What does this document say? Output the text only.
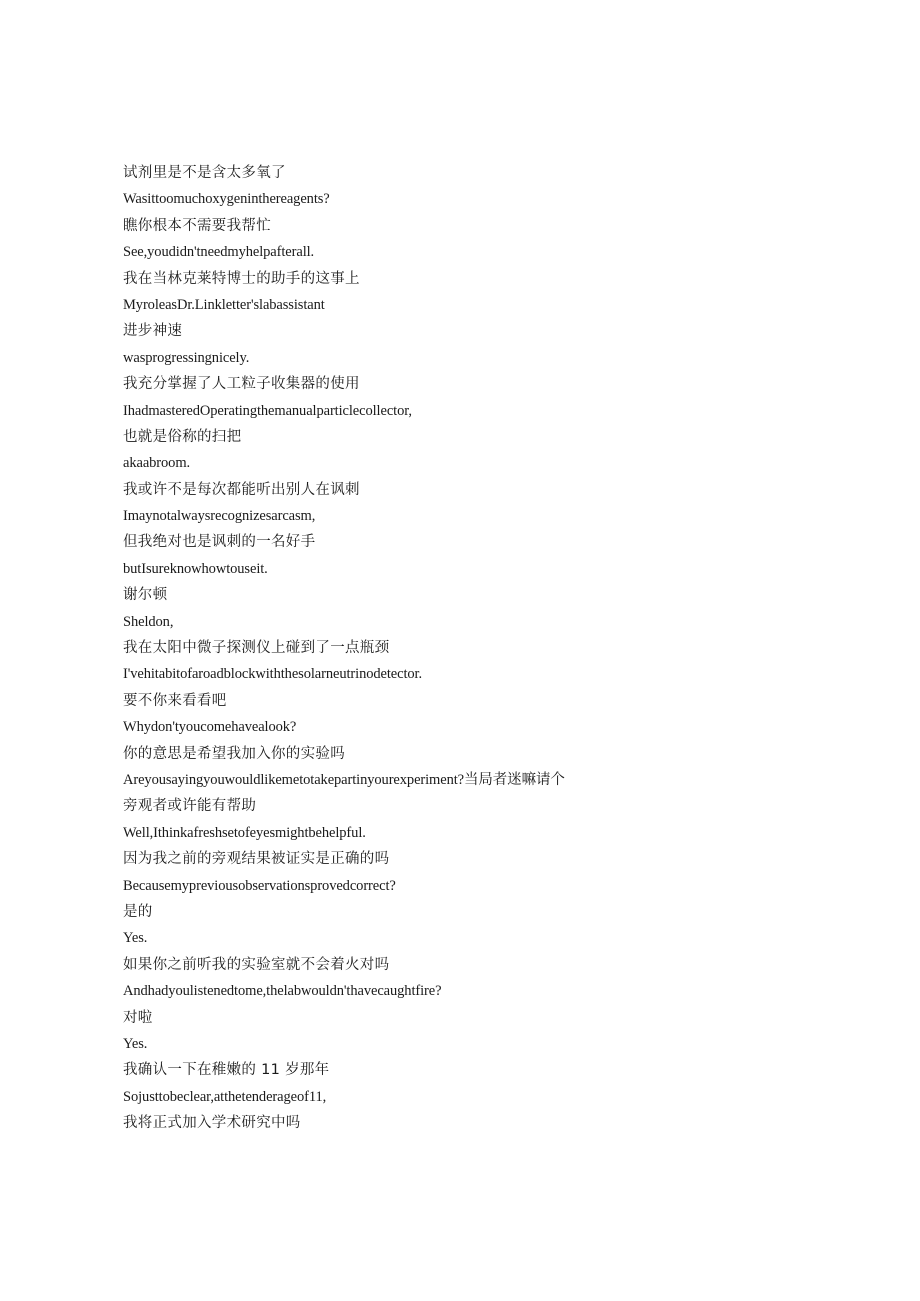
试剂里是不是含太多氧了

Wasittoomuchoxygeninthereagents?

瞧你根本不需要我帮忙

See,youdidn'tneedmyhelpafterall.

我在当林克莱特博士的助手的这事上

MyroleasDr.Linkletter'slabassistant

进步神速

wasprogressingnicely.

我充分掌握了人工粒子收集器的使用

IhadmasteredOperatingthemanualparticlecollector,

也就是俗称的扫把

akaabroom.

我或许不是每次都能听出别人在讽刺

Imaynotalwaysrecognizesarcasm,

但我绝对也是讽刺的一名好手

butIsureknowhowtouseit.

谢尔顿

Sheldon,

我在太阳中微子探测仪上碰到了一点瓶颈

I'vehitabitofaroadblockwiththesolarneutrinodetector.

要不你来看看吧

Whydon'tyoucomehavealook?

你的意思是希望我加入你的实验吗

Areyousayingyouwouldlikemetotakepartinyourexperiment?当局者迷嘛请个

旁观者或许能有帮助

Well,Ithinkafreshsetofeyesmightbehelpful.

因为我之前的旁观结果被证实是正确的吗

Becausemypreviousobservationsprovedcorrect?

是的

Yes.

如果你之前听我的实验室就不会着火对吗

Andhadyoulistenedtome,thelabwouldn'thavecaughtfire?

对啦

Yes.

我确认一下在稚嫩的 11 岁那年

Sojusttobeclear,atthetenderageof11,

我将正式加入学术研究中吗
